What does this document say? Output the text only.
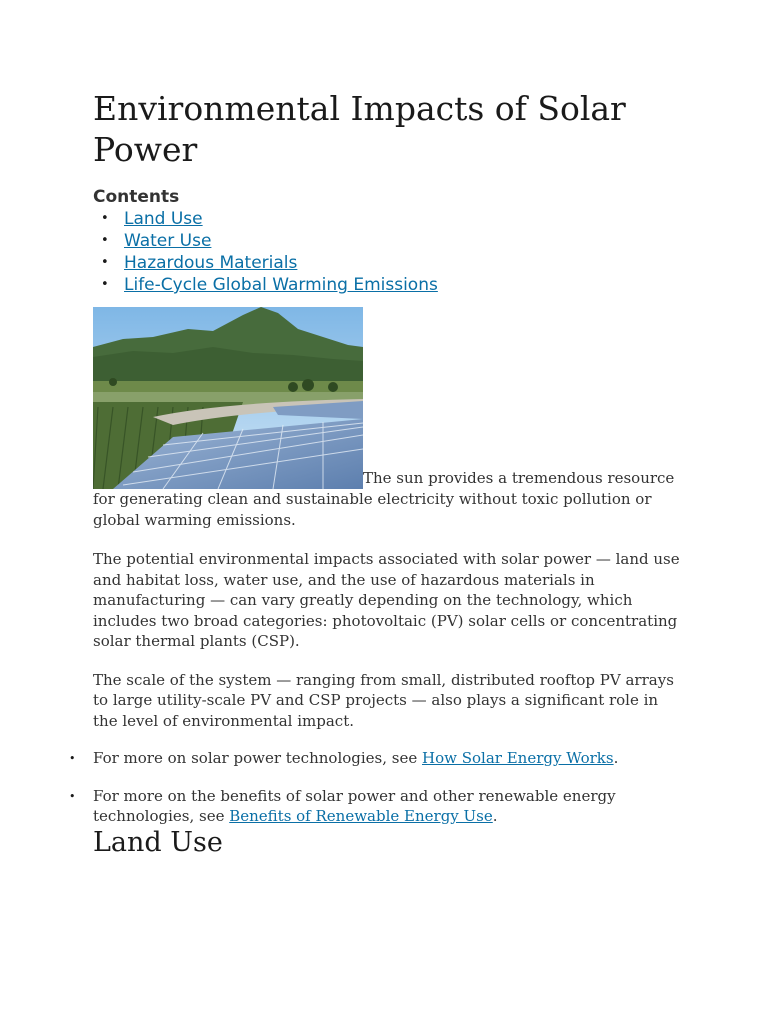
Environmental Impacts of Solar Power
Contents
• Land Use
• Water Use
• Hazardous Materials
• Life-Cycle Global Warming Emissions
The sun provides a tremendous resource for generating clean and sustainable electricity without toxic pollution or global warming emissions.

The potential environmental impacts associated with solar power — land use and habitat loss, water use, and the use of hazardous materials in manufacturing — can vary greatly depending on the technology, which includes two broad categories: photovoltaic (PV) solar cells or concentrating solar thermal plants (CSP).

The scale of the system — ranging from small, distributed rooftop PV arrays to large utility-scale PV and CSP projects — also plays a significant role in the level of environmental impact.

• For more on solar power technologies, see How Solar Energy Works.
• For more on the benefits of solar power and other renewable energy technologies, see Benefits of Renewable Energy Use.
Land Use
